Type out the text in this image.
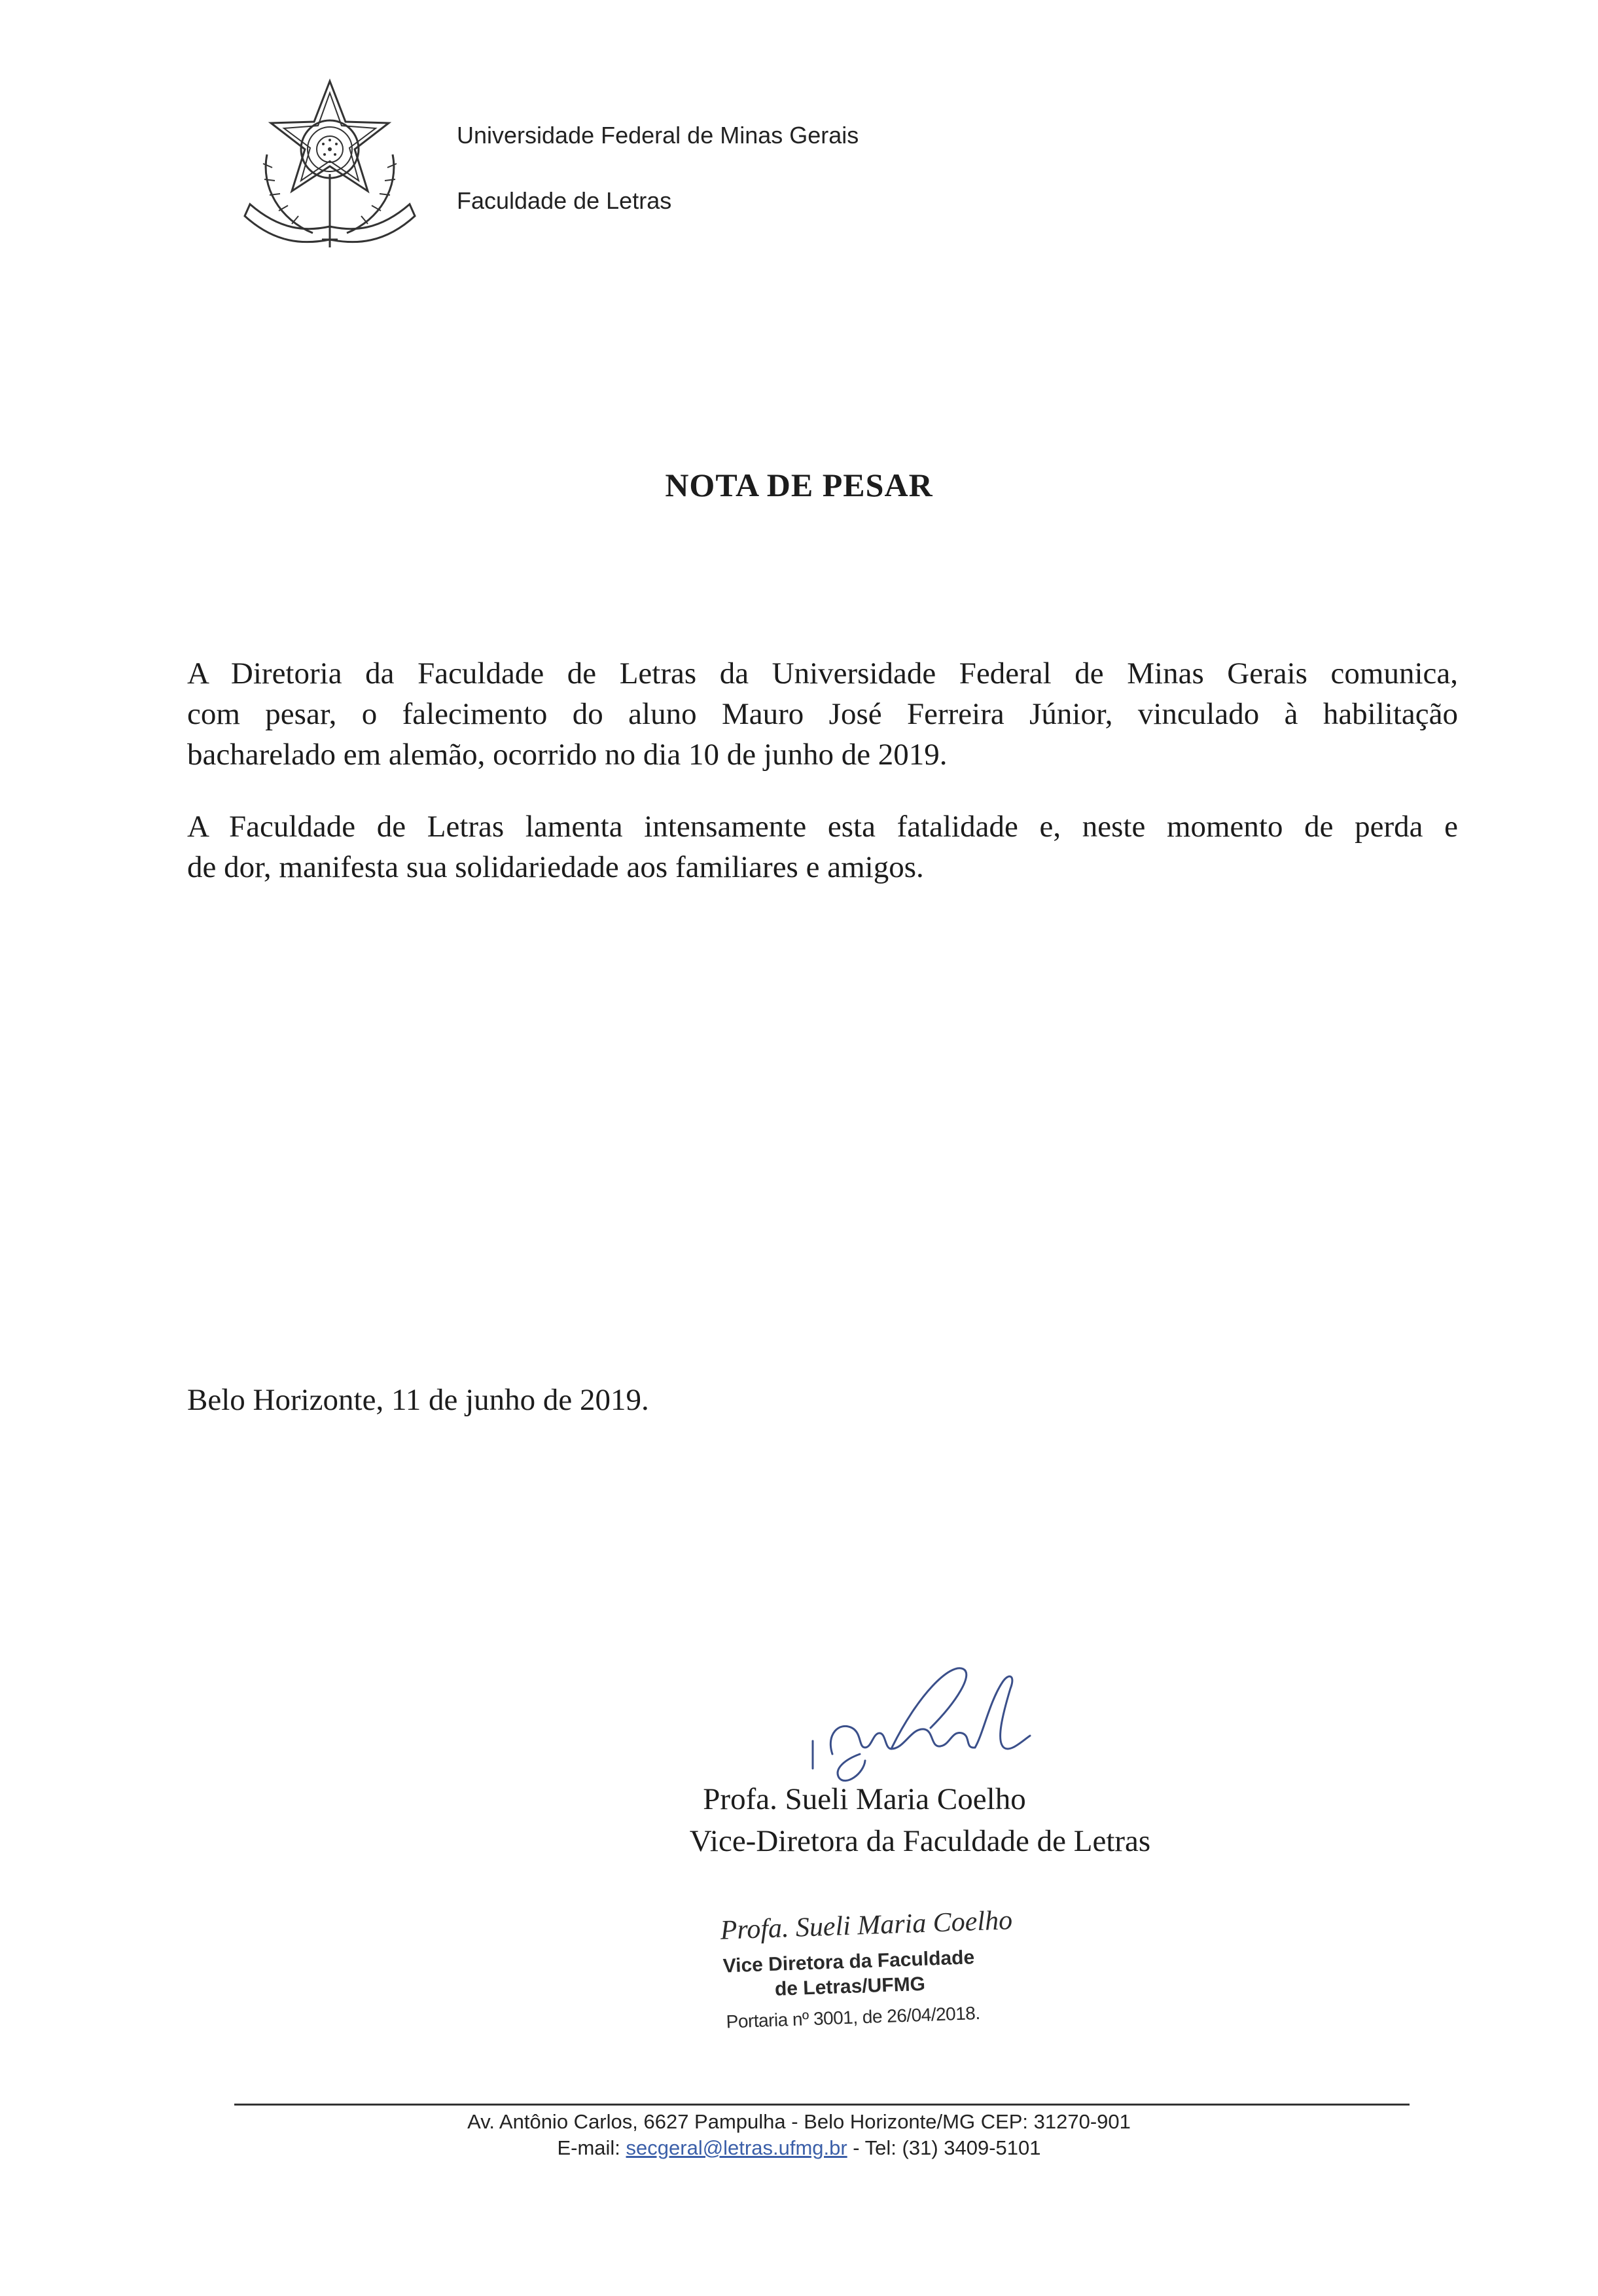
Universidade Federal de Minas Gerais
Faculdade de Letras
NOTA DE PESAR
A Diretoria da Faculdade de Letras da Universidade Federal de Minas Gerais comunica,
com pesar, o falecimento do aluno Mauro José Ferreira Júnior, vinculado à habilitação
bacharelado em alemão, ocorrido no dia 10 de junho de 2019.
A Faculdade de Letras lamenta intensamente esta fatalidade e, neste momento de perda e
de dor, manifesta sua solidariedade aos familiares e amigos.
Belo Horizonte, 11 de junho de 2019.
Profa. Sueli Maria Coelho
Vice-Diretora da Faculdade de Letras
Profa. Sueli Maria Coelho
Vice Diretora da Faculdade
de Letras/UFMG
Portaria nº 3001, de 26/04/2018.
Av. Antônio Carlos, 6627 Pampulha - Belo Horizonte/MG CEP: 31270-901
E-mail: secgeral@letras.ufmg.br - Tel: (31) 3409-5101
